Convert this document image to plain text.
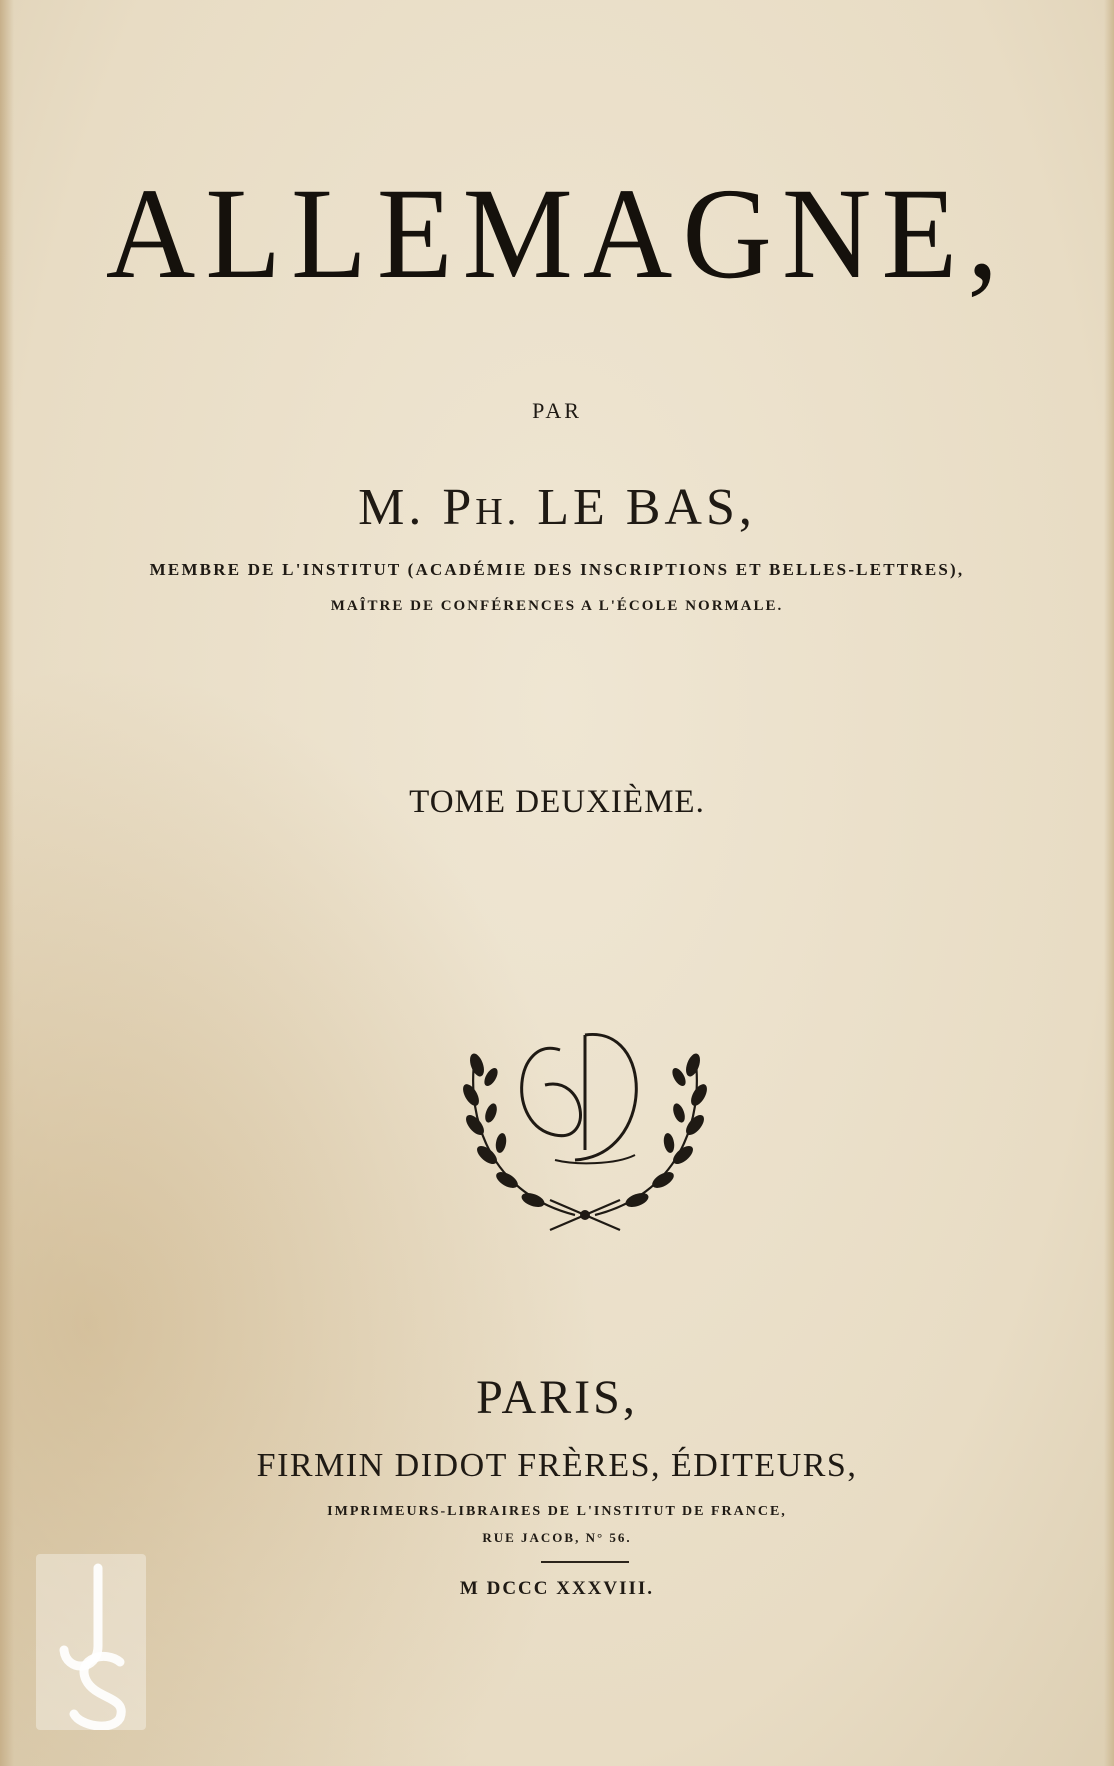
ALLEMAGNE,
PAR
M. PH. LE BAS,
MEMBRE DE L'INSTITUT (ACADÉMIE DES INSCRIPTIONS ET BELLES-LETTRES),
MAÎTRE DE CONFÉRENCES A L'ÉCOLE NORMALE.
TOME DEUXIÈME.
PARIS,
FIRMIN DIDOT FRÈRES, ÉDITEURS,
IMPRIMEURS-LIBRAIRES DE L'INSTITUT DE FRANCE,
RUE JACOB, N° 56.
M DCCC XXXVIII.
